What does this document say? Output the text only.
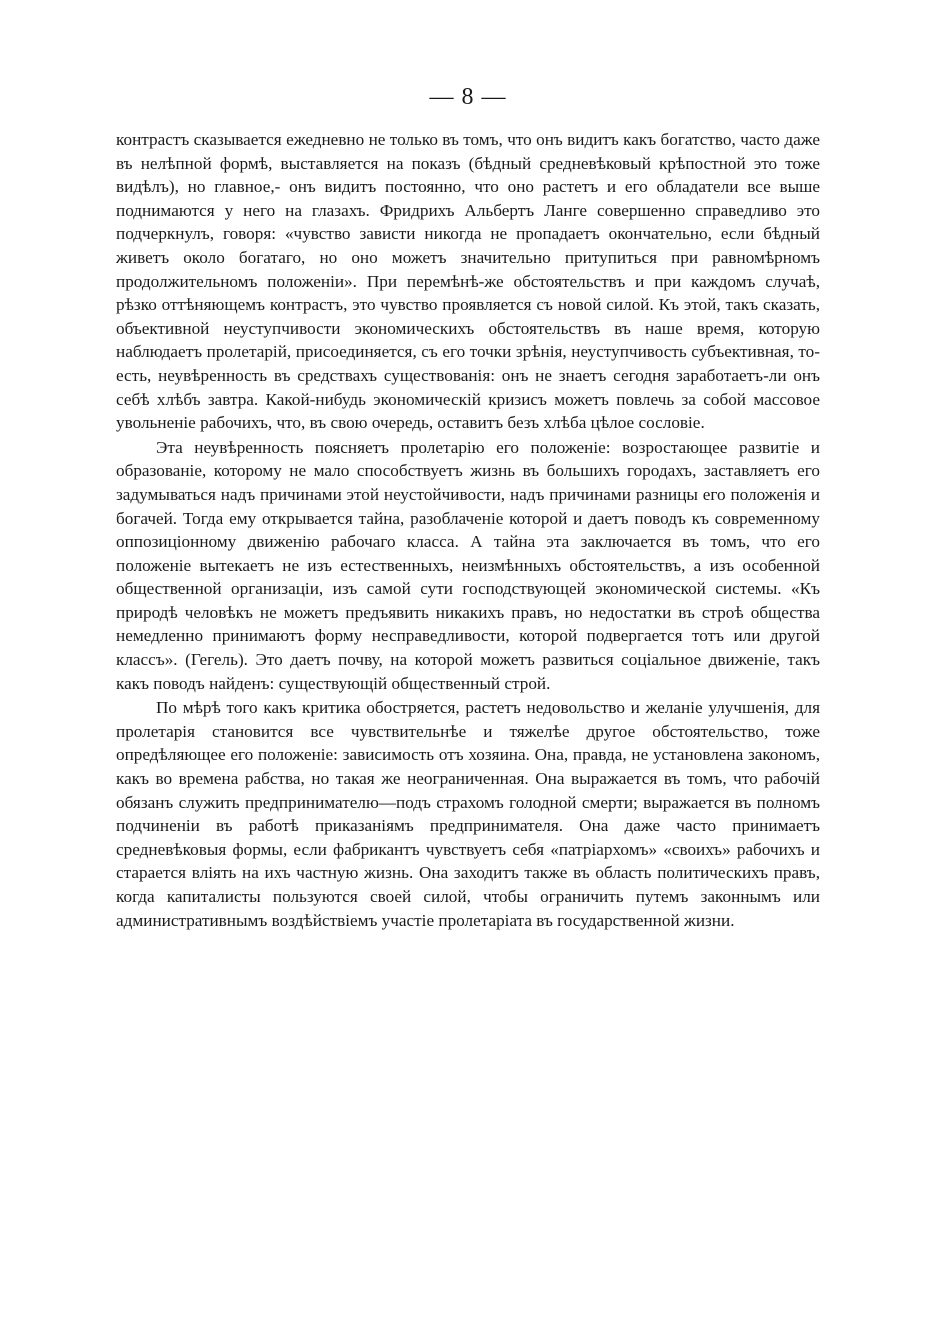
— 8 —

контрастъ сказывается ежедневно не только въ томъ, что онъ видитъ какъ богатство, часто даже въ нелѣпной формѣ, выставляется на показъ (бѣдный средневѣковый крѣпостной это тоже видѣлъ), но главное,- онъ видитъ постоянно, что оно растетъ и его обладатели все выше поднимаются у него на глазахъ. Фридрихъ Альбертъ Ланге совершенно справедливо это подчеркнулъ, говоря: «чувство зависти никогда не пропадаетъ окончательно, если бѣдный живетъ около богатаго, но оно можетъ значительно притупиться при равномѣрномъ продолжительномъ положеніи». При перемѣнѣ-же обстоятельствъ и при каждомъ случаѣ, рѣзко оттѣняющемъ контрастъ, это чувство проявляется съ новой силой. Къ этой, такъ сказать, объективной неуступчивости экономическихъ обстоятельствъ въ наше время, которую наблюдаетъ пролетарій, присоединяется, съ его точки зрѣнія, неуступчивость субъективная, то-есть, неувѣренность въ средствахъ существованія: онъ не знаетъ сегодня заработаетъ-ли онъ себѣ хлѣбъ завтра. Какой-нибудь экономическій кризисъ можетъ повлечь за собой массовое увольненіе рабочихъ, что, въ свою очередь, оставитъ безъ хлѣба цѣлое сословіе.

Эта неувѣренность поясняетъ пролетарію его положеніе: возростающее развитіе и образованіе, которому не мало способствуетъ жизнь въ большихъ городахъ, заставляетъ его задумываться надъ причинами этой неустойчивости, надъ причинами разницы его положенія и богачей. Тогда ему открывается тайна, разоблаченіе которой и даетъ поводъ къ современному оппозиціонному движенію рабочаго класса. А тайна эта заключается въ томъ, что его положеніе вытекаетъ не изъ естественныхъ, неизмѣнныхъ обстоятельствъ, а изъ особенной общественной организаціи, изъ самой сути господствующей экономической системы. «Къ природѣ человѣкъ не можетъ предъявить никакихъ правъ, но недостатки въ строѣ общества немедленно принимаютъ форму несправедливости, которой подвергается тотъ или другой классъ». (Гегель). Это даетъ почву, на которой можетъ развиться соціальное движеніе, такъ какъ поводъ найденъ: существующій общественный строй.

По мѣрѣ того какъ критика обостряется, растетъ недовольство и желаніе улучшенія, для пролетарія становится все чувствительнѣе и тяжелѣе другое обстоятельство, тоже опредѣляющее его положеніе: зависимость отъ хозяина. Она, правда, не установлена закономъ, какъ во времена рабства, но такая же неограниченная. Она выражается въ томъ, что рабочій обязанъ служить предпринимателю—подъ страхомъ голодной смерти; выражается въ полномъ подчиненіи въ работѣ приказаніямъ предпринимателя. Она даже часто принимаетъ средневѣковыя формы, если фабрикантъ чувствуетъ себя «патріархомъ» «своихъ» рабочихъ и старается вліять на ихъ частную жизнь. Она заходитъ также въ область политическихъ правъ, когда капиталисты пользуются своей силой, чтобы ограничить путемъ законнымъ или административнымъ воздѣйствіемъ участіе пролетаріата въ государственной жизни.
